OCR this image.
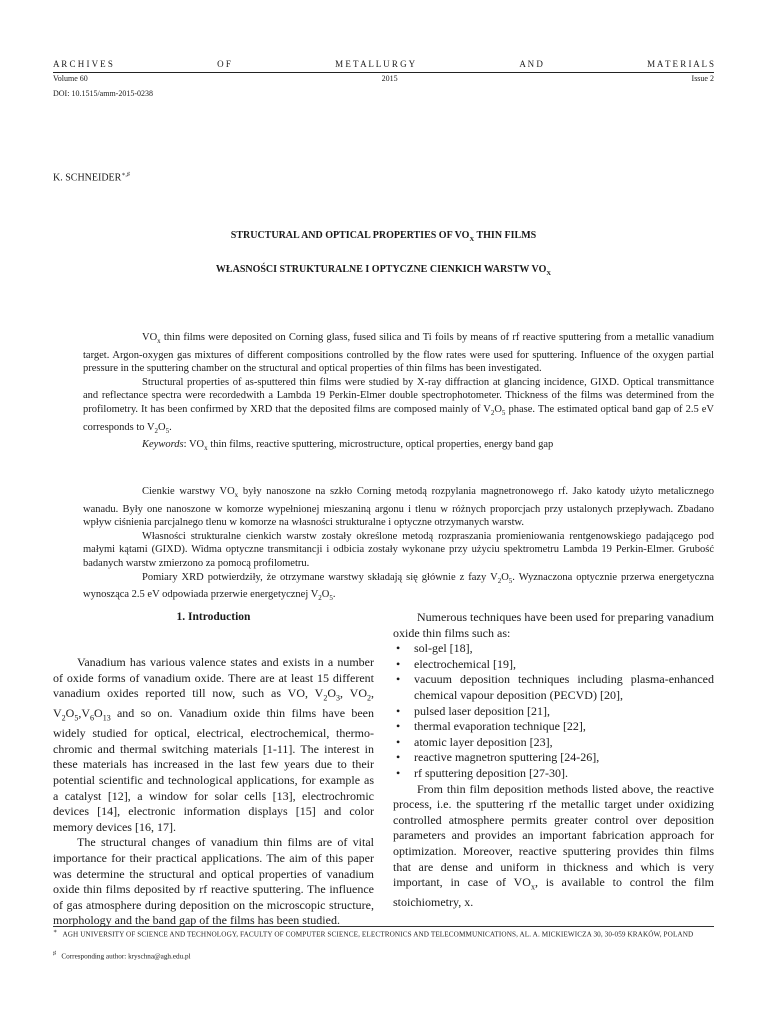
A R C H I V E S	O F	M E T A L L U R G Y	A N D	M A T E R I A L S
Volume 60	2015	Issue 2
DOI: 10.1515/amm-2015-0238
K. SCHNEIDER∗,♯
STRUCTURAL AND OPTICAL PROPERTIES OF $VO_X$ THIN FILMS
WŁASNOŚCI STRUKTURALNE I OPTYCZNE CIENKICH WARSTW $VO_X$

$VO_x$ thin films were deposited on Corning glass, fused silica and Ti foils by means of rf reactive sputtering from a metallic vanadium target. Argon-oxygen gas mixtures of different compositions controlled by the flow rates were used for sputtering. Influence of the oxygen partial pressure in the sputtering chamber on the structural and optical properties of thin films has been investigated.

Structural properties of as-sputtered thin films were studied by X-ray diffraction at glancing incidence, GIXD. Optical transmittance and reflectance spectra were recordedwith a Lambda 19 Perkin-Elmer double spectrophotometer. Thickness of the films was determined from the profilometry. It has been confirmed by XRD that the deposited films are composed mainly of $V_2O_5$ phase. The estimated optical band gap of 2.5 eV corresponds to $V_2O_5$.

Keywords: $VO_x$ thin films, reactive sputtering, microstructure, optical properties, energy band gap

Cienkie warstwy $VO_x$ były nanoszone na szkło Corning metodą rozpylania magnetronowego rf. Jako katody użyto metalicznego wanadu. Były one nanoszone w komorze wypełnionej mieszaniną argonu i tlenu w różnych proporcjach przy ustalonych przepływach. Zbadano wpływ ciśnienia parcjalnego tlenu w komorze na własności strukturalne i optyczne otrzymanych warstw.

Własności strukturalne cienkich warstw zostały określone metodą rozpraszania promieniowania rentgenowskiego padającego pod małymi kątami (GIXD). Widma optyczne transmitancji i odbicia zostały wykonane przy użyciu spektrometru Lambda 19 Perkin-Elmer. Grubość badanych warstw zmierzono za pomocą profilometru.

Pomiary XRD potwierdziły, że otrzymane warstwy składają się głównie z fazy $V_2O_5$. Wyznaczona optycznie przerwa energetyczna wynosząca 2.5 eV odpowiada przerwie energetycznej $V_2O_5$.

1. Introduction

Vanadium has various valence states and exists in a number of oxide forms of vanadium oxide. There are at least 15 different vanadium oxides reported till now, such as VO, $V_2O_3$, $VO_2$, $V_2O_5,V_6O_{13}$ and so on. Vanadium oxide thin films have been widely studied for optical, electrical, electrochemical, thermo-chromic and thermal switching materials [1-11]. The interest in these materials has increased in the last few years due to their potential scientific and technological applications, for example as a catalyst [12], a window for solar cells [13], electrochromic devices [14], electronic information displays [15] and color memory devices [16, 17].

The structural changes of vanadium thin films are of vital importance for their practical applications. The aim of this paper was determine the structural and optical properties of vanadium oxide thin films deposited by rf reactive sputtering. The influence of gas atmosphere during deposition on the microscopic structure, morphology and the band gap of the films has been studied.

Numerous techniques have been used for preparing vanadium oxide thin films such as:

• sol-gel [18],
• electrochemical [19],
• vacuum deposition techniques including plasma-enhanced chemical vapour deposition (PECVD) [20],
• pulsed laser deposition [21],
• thermal evaporation technique [22],
• atomic layer deposition [23],
• reactive magnetron sputtering [24-26],
• rf sputtering deposition [27-30].

From thin film deposition methods listed above, the reactive process, i.e. the sputtering rf the metallic target under oxidizing controlled atmosphere permits greater control over deposition parameters and provides an important fabrication approach for optimization. Moreover, reactive sputtering provides thin films that are dense and uniform in thickness and which is very important, in case of $VO_x$, is available to control the film stoichiometry, x.

∗ AGH UNIVERSITY OF SCIENCE AND TECHNOLOGY, FACULTY OF COMPUTER SCIENCE, ELECTRONICS AND TELECOMMUNICATIONS, AL. A. MICKIEWICZA 30, 30-059 KRAKÓW, POLAND
♯ Corresponding author: kryschna@agh.edu.pl
